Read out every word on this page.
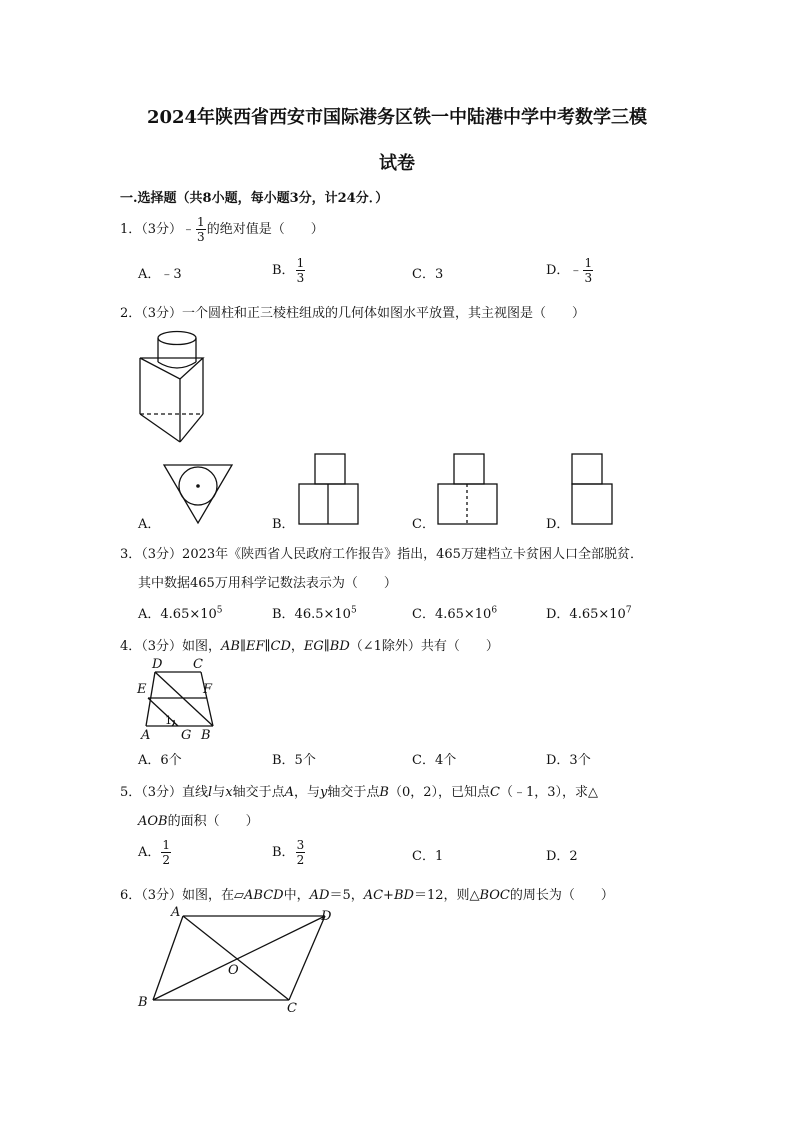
2024年陕西省西安市国际港务区铁一中陆港中学中考数学三模
试卷
一.选择题（共8小题，每小题3分，计24分．）
1．（3分）﹣ $\frac{1}{3}$ 的绝对值是（　　）
A．﹣3	B． $\frac{1}{3}$	C．3	D．﹣ $\frac{1}{3}$
2．（3分）一个圆柱和正三棱柱组成的几何体如图水平放置，其主视图是（　　）
A．	B．	C．	D．
3．（3分）2023年《陕西省人民政府工作报告》指出，465万建档立卡贫困人口全部脱贫．
其中数据465万用科学记数法表示为（　　）
A．$4.65\times 10^5$	B．$46.5\times 10^5$	C．$4.65\times 10^6$	D．$4.65\times 10^7$
4．（3分）如图，AB∥EF∥CD，EG∥BD（∠1除外）共有（　　）
D C
E	F
1
A G B
A．6个	B．5个	C．4个	D．3个
5．（3分）直线l与x轴交于点A，与y轴交于点B（0，2），已知点C（﹣1，3），求△
AOB的面积（　　）
A． $\frac{1}{2}$	B． $\frac{3}{2}$	C．1	D．2
6．（3分）如图，在▱ABCD中，AD＝5，AC+BD＝12，则△BOC的周长为（　　）
A	D
O
B	C
